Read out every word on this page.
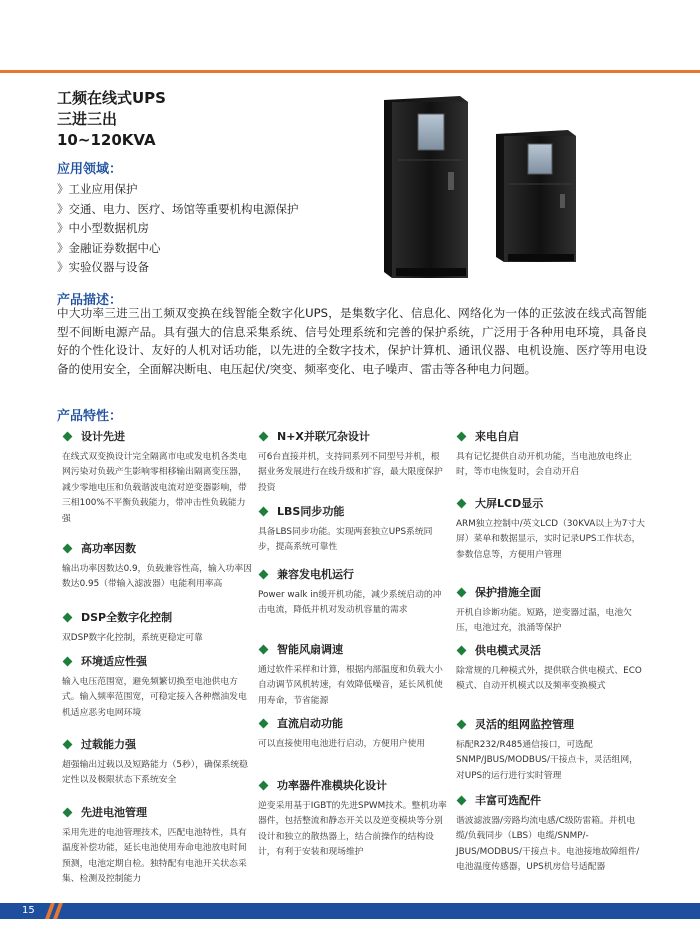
工频在线式UPS
三进三出
10~120KVA
应用领域：
》工业应用保护
》交通、电力、医疗、场馆等重要机构电源保护
》中小型数据机房
》金融证券数据中心
》实验仪器与设备
产品描述：
中大功率三进三出工频双变换在线智能全数字化UPS，是集数字化、信息化、网络化为一体的正弦波在线式高智能型不间断电源产品。具有强大的信息采集系统、信号处理系统和完善的保护系统，广泛用于各种用电环境，具备良好的个性化设计、友好的人机对话功能，以先进的全数字技术，保护计算机、通讯仪器、电机设施、医疗等用电设备的使用安全，全面解决断电、电压起伏/突变、频率变化、电子噪声、雷击等各种电力问题。
产品特性：
设计先进
在线式双变换设计完全隔离市电或发电机各类电网污染对负载产生影响零相移输出隔离变压器，减少零地电压和负载谐波电流对逆变器影响，带三相100%不平衡负载能力，带冲击性负载能力强
高功率因数
输出功率因数达0.9，负载兼容性高，输入功率因数达0.95（带输入滤波器）电能利用率高
DSP全数字化控制
双DSP数字化控制，系统更稳定可靠
环境适应性强
输入电压范围宽，避免频繁切换至电池供电方式。输入频率范围宽，可稳定接入各种燃油发电机适应恶劣电网环境
过载能力强
超强输出过载以及短路能力（5秒），确保系统稳定性以及极限状态下系统安全
先进电池管理
采用先进的电池管理技术，匹配电池特性，具有温度补偿功能，延长电池使用寿命电池放电时间预测，电池定期自检。独特配有电池开关状态采集、检测及控制能力
N+X并联冗杂设计
可6台直接并机，支持同系列不同型号并机，根据业务发展进行在线升级和扩容，最大限度保护投资
LBS同步功能
具备LBS同步功能。实现两套独立UPS系统同步，提高系统可靠性
兼容发电机运行
Power walk in缓开机功能，减少系统启动的冲击电流，降低并机对发动机容量的需求
智能风扇调速
通过软件采样和计算，根据内部温度和负载大小自动调节风机转速，有效降低噪音，延长风机使用寿命，节省能源
直流启动功能
可以直接使用电池进行启动，方便用户使用
功率器件准模块化设计
逆变采用基于IGBT的先进SPWM技术。整机功率器件，包括整流和静态开关以及逆变模块等分别设计和独立的散热器上，结合前操作的结构设计，有利于安装和现场维护
来电自启
具有记忆提供自动开机功能，当电池放电终止时，等市电恢复时，会自动开启
大屏LCD显示
ARM独立控制中/英文LCD（30KVA以上为7寸大屏）菜单和数据显示，实时记录UPS工作状态，参数信息等，方便用户管理
保护措施全面
开机自诊断功能。短路，逆变器过温，电池欠压，电池过充，浪涌等保护
供电模式灵活
除常规的几种模式外，提供联合供电模式、ECO模式、自动开机模式以及频率变换模式
灵活的组网监控管理
标配R232/R485通信接口，可选配SNMP/JBUS/MODBUS/干接点卡，灵活组网，对UPS的运行进行实时管理
丰富可选配件
谐波滤波器/旁路均流电感/C级防雷箱。并机电缆/负载同步（LBS）电缆/SNMP/-JBUS/MODBUS/干接点卡。电池接地故障组件/电池温度传感器，UPS机房信号适配器
15
